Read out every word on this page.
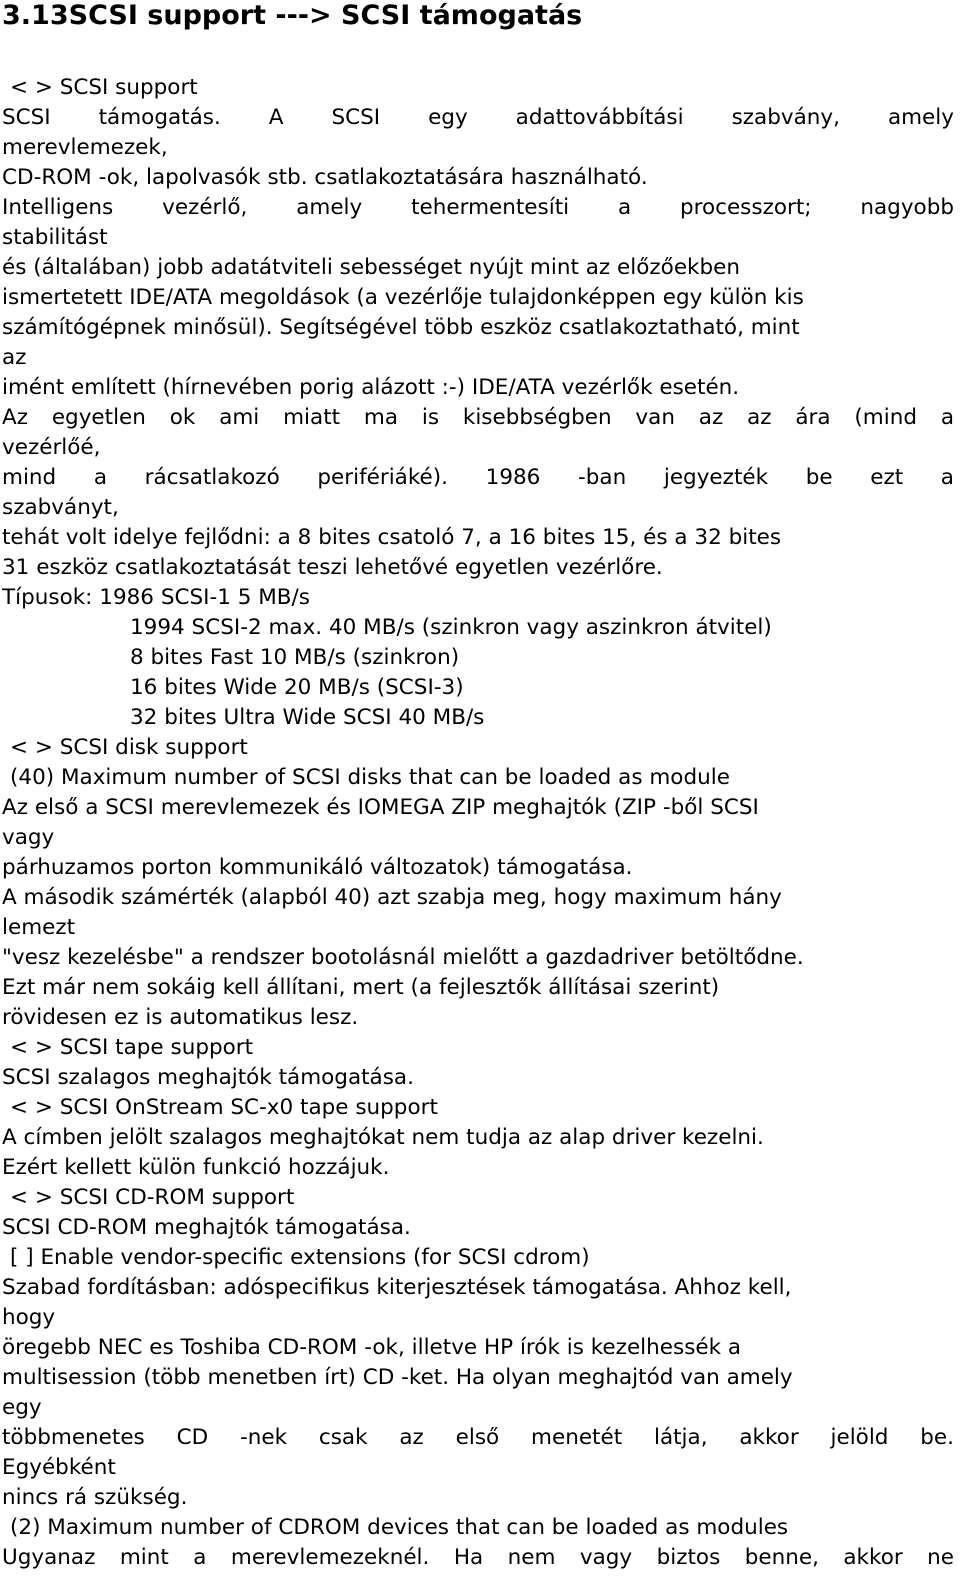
3.13SCSI support ---> SCSI támogatás
< > SCSI support
SCSI támogatás. A SCSI egy adattovábbítási szabvány, amely
merevlemezek,
CD-ROM -ok, lapolvasók stb. csatlakoztatására használható.
Intelligens vezérlő, amely tehermentesíti a processzort; nagyobb
stabilitást
és (általában) jobb adatátviteli sebességet nyújt mint az előzőekben
ismertetett IDE/ATA megoldások (a vezérlője tulajdonképpen egy külön kis
számítógépnek minősül). Segítségével több eszköz csatlakoztatható, mint
az
imént említett (hírnevében porig alázott :-) IDE/ATA vezérlők esetén.
Az egyetlen ok ami miatt ma is kisebbségben van az az ára (mind a
vezérlőé,
mind a rácsatlakozó perifériáké). 1986 -ban jegyezték be ezt a
szabványt,
tehát volt idelye fejlődni: a 8 bites csatoló 7, a 16 bites 15, és a 32 bites
31 eszköz csatlakoztatását teszi lehetővé egyetlen vezérlőre.
Típusok: 1986 SCSI-1 5 MB/s
1994 SCSI-2 max. 40 MB/s (szinkron vagy aszinkron átvitel)
8 bites Fast 10 MB/s (szinkron)
16 bites Wide 20 MB/s (SCSI-3)
32 bites Ultra Wide SCSI 40 MB/s
< > SCSI disk support
(40) Maximum number of SCSI disks that can be loaded as module
Az első a SCSI merevlemezek és IOMEGA ZIP meghajtók (ZIP -ből SCSI
vagy
párhuzamos porton kommunikáló változatok) támogatása.
A második számérték (alapból 40) azt szabja meg, hogy maximum hány
lemezt
"vesz kezelésbe" a rendszer bootolásnál mielőtt a gazdadriver betöltődne.
Ezt már nem sokáig kell állítani, mert (a fejlesztők állításai szerint)
rövidesen ez is automatikus lesz.
< > SCSI tape support
SCSI szalagos meghajtók támogatása.
< > SCSI OnStream SC-x0 tape support
A címben jelölt szalagos meghajtókat nem tudja az alap driver kezelni.
Ezért kellett külön funkció hozzájuk.
< > SCSI CD-ROM support
SCSI CD-ROM meghajtók támogatása.
[ ] Enable vendor-specific extensions (for SCSI cdrom)
Szabad fordításban: adóspecifikus kiterjesztések támogatása. Ahhoz kell,
hogy
öregebb NEC es Toshiba CD-ROM -ok, illetve HP írók is kezelhessék a
multisession (több menetben írt) CD -ket. Ha olyan meghajtód van amely
egy
többmenetes CD -nek csak az első menetét látja, akkor jelöld be.
Egyébként
nincs rá szükség.
(2) Maximum number of CDROM devices that can be loaded as modules
Ugyanaz mint a merevlemezeknél. Ha nem vagy biztos benne, akkor ne
